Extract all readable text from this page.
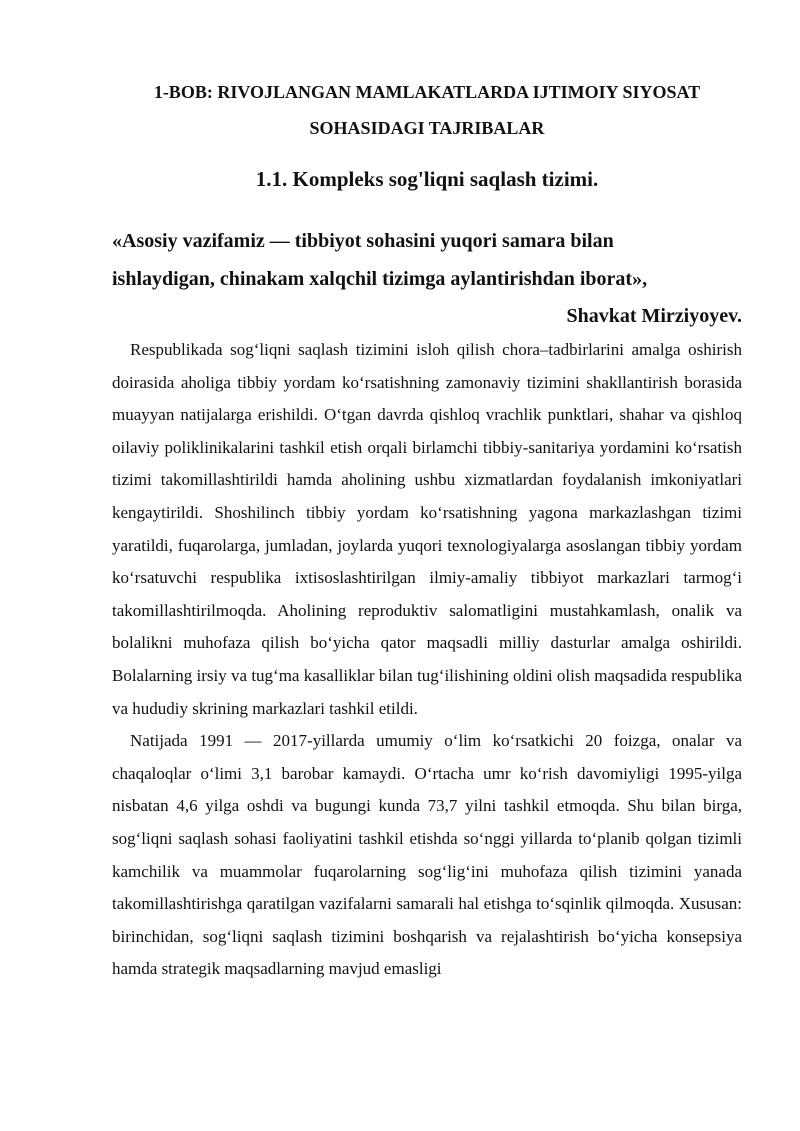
1-BOB: RIVOJLANGAN MAMLAKATLARDA IJTIMOIY SIYOSAT
SOHASIDAGI TAJRIBALAR
1.1. Kompleks sog'liqni saqlash tizimi.
«Asosiy vazifamiz — tibbiyot sohasini yuqori samara bilan
ishlaydigan, chinakam xalqchil tizimga aylantirishdan iborat»,

Shavkat Mirziyoyev.

Respublikada sog‘liqni saqlash tizimini isloh qilish chora–tadbirlarini amalga oshirish doirasida aholiga tibbiy yordam ko‘rsatishning zamonaviy tizimini shakllantirish borasida muayyan natijalarga erishildi. O‘tgan davrda qishloq vrachlik punktlari, shahar va qishloq oilaviy poliklinikalarini tashkil etish orqali birlamchi tibbiy-sanitariya yordamini ko‘rsatish tizimi takomillashtirildi hamda aholining ushbu xizmatlardan foydalanish imkoniyatlari kengaytirildi. Shoshilinch tibbiy yordam ko‘rsatishning yagona markazlashgan tizimi yaratildi, fuqarolarga, jumladan, joylarda yuqori texnologiyalarga asoslangan tibbiy yordam ko‘rsatuvchi respublika ixtisoslashtirilgan ilmiy-amaliy tibbiyot markazlari tarmog‘i takomillashtirilmoqda. Aholining reproduktiv salomatligini mustahkamlash, onalik va bolalikni muhofaza qilish bo‘yicha qator maqsadli milliy dasturlar amalga oshirildi. Bolalarning irsiy va tug‘ma kasalliklar bilan tug‘ilishining oldini olish maqsadida respublika va hududiy skrining markazlari tashkil etildi.

Natijada 1991 — 2017-yillarda umumiy o‘lim ko‘rsatkichi 20 foizga, onalar va chaqaloqlar o‘limi 3,1 barobar kamaydi. O‘rtacha umr ko‘rish davomiyligi 1995-yilga nisbatan 4,6 yilga oshdi va bugungi kunda 73,7 yilni tashkil etmoqda. Shu bilan birga, sog‘liqni saqlash sohasi faoliyatini tashkil etishda so‘nggi yillarda to‘planib qolgan tizimli kamchilik va muammolar fuqarolarning sog‘lig‘ini muhofaza qilish tizimini yanada takomillashtirishga qaratilgan vazifalarni samarali hal etishga to‘sqinlik qilmoqda. Xususan: birinchidan, sog‘liqni saqlash tizimini boshqarish va rejalashtirish bo‘yicha konsepsiya hamda strategik maqsadlarning mavjud emasligi
